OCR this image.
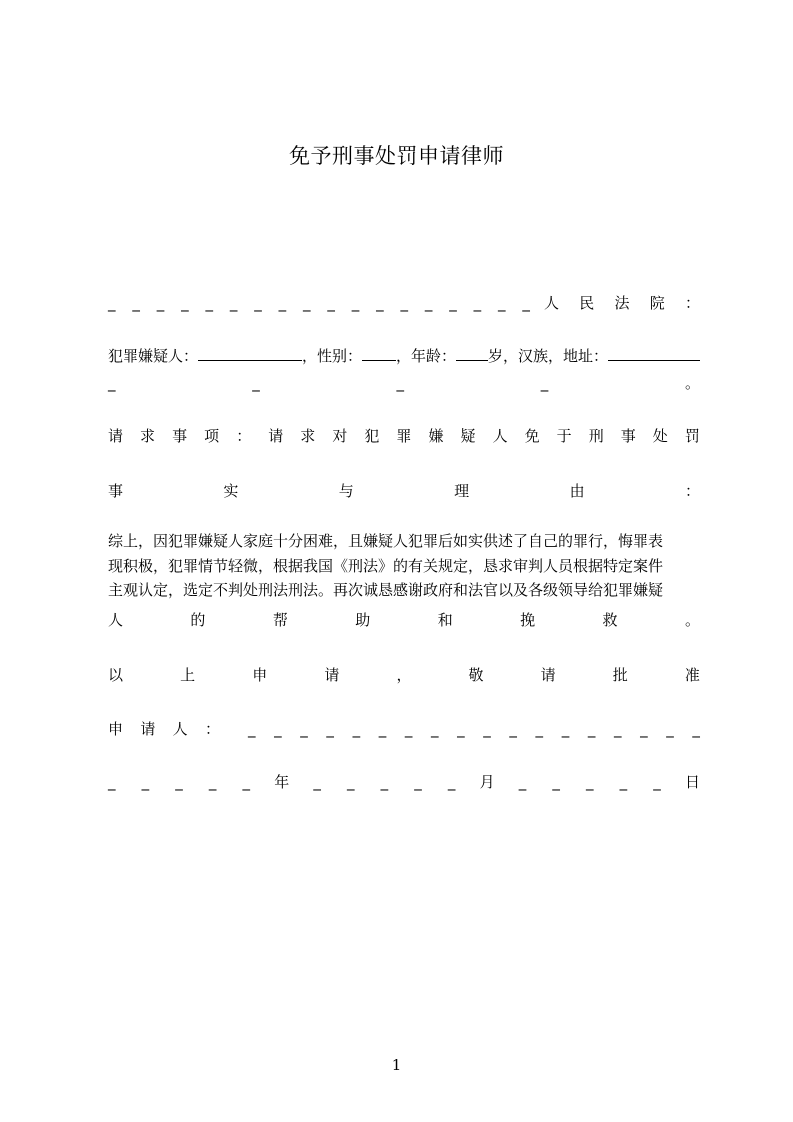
免予刑事处罚申请律师
_ _ _ _ _ _ _ _ _ _ _ _ _ _ _ _ _ _ 人 民 法 院 ：
犯罪嫌疑人：	，性别： ，年龄： 岁，汉族，地址：
_	_	_	_	。
请 求 事 项 ： 请 求 对 犯 罪 嫌 疑 人 免 于 刑 事 处 罚
事	实	与	理	由	：
综上，因犯罪嫌疑人家庭十分困难，且嫌疑人犯罪后如实供述了自己的罪行，悔罪表
现积极，犯罪情节轻微，根据我国《刑法》的有关规定，恳求审判人员根据特定案件
主观认定，选定不判处刑法刑法。再次诚恳感谢政府和法官以及各级领导给犯罪嫌疑
人	的	帮	助	和	挽	救	。
以	上	申	请	，	敬	请	批	准
申 请 人 ： _ _ _ _ _ _ _ _ _ _ _ _ _ _ _ _ _ _
_ _ _ _ _ 年 _ _ _ _ _ 月 _ _ _ _ _ 日
1
